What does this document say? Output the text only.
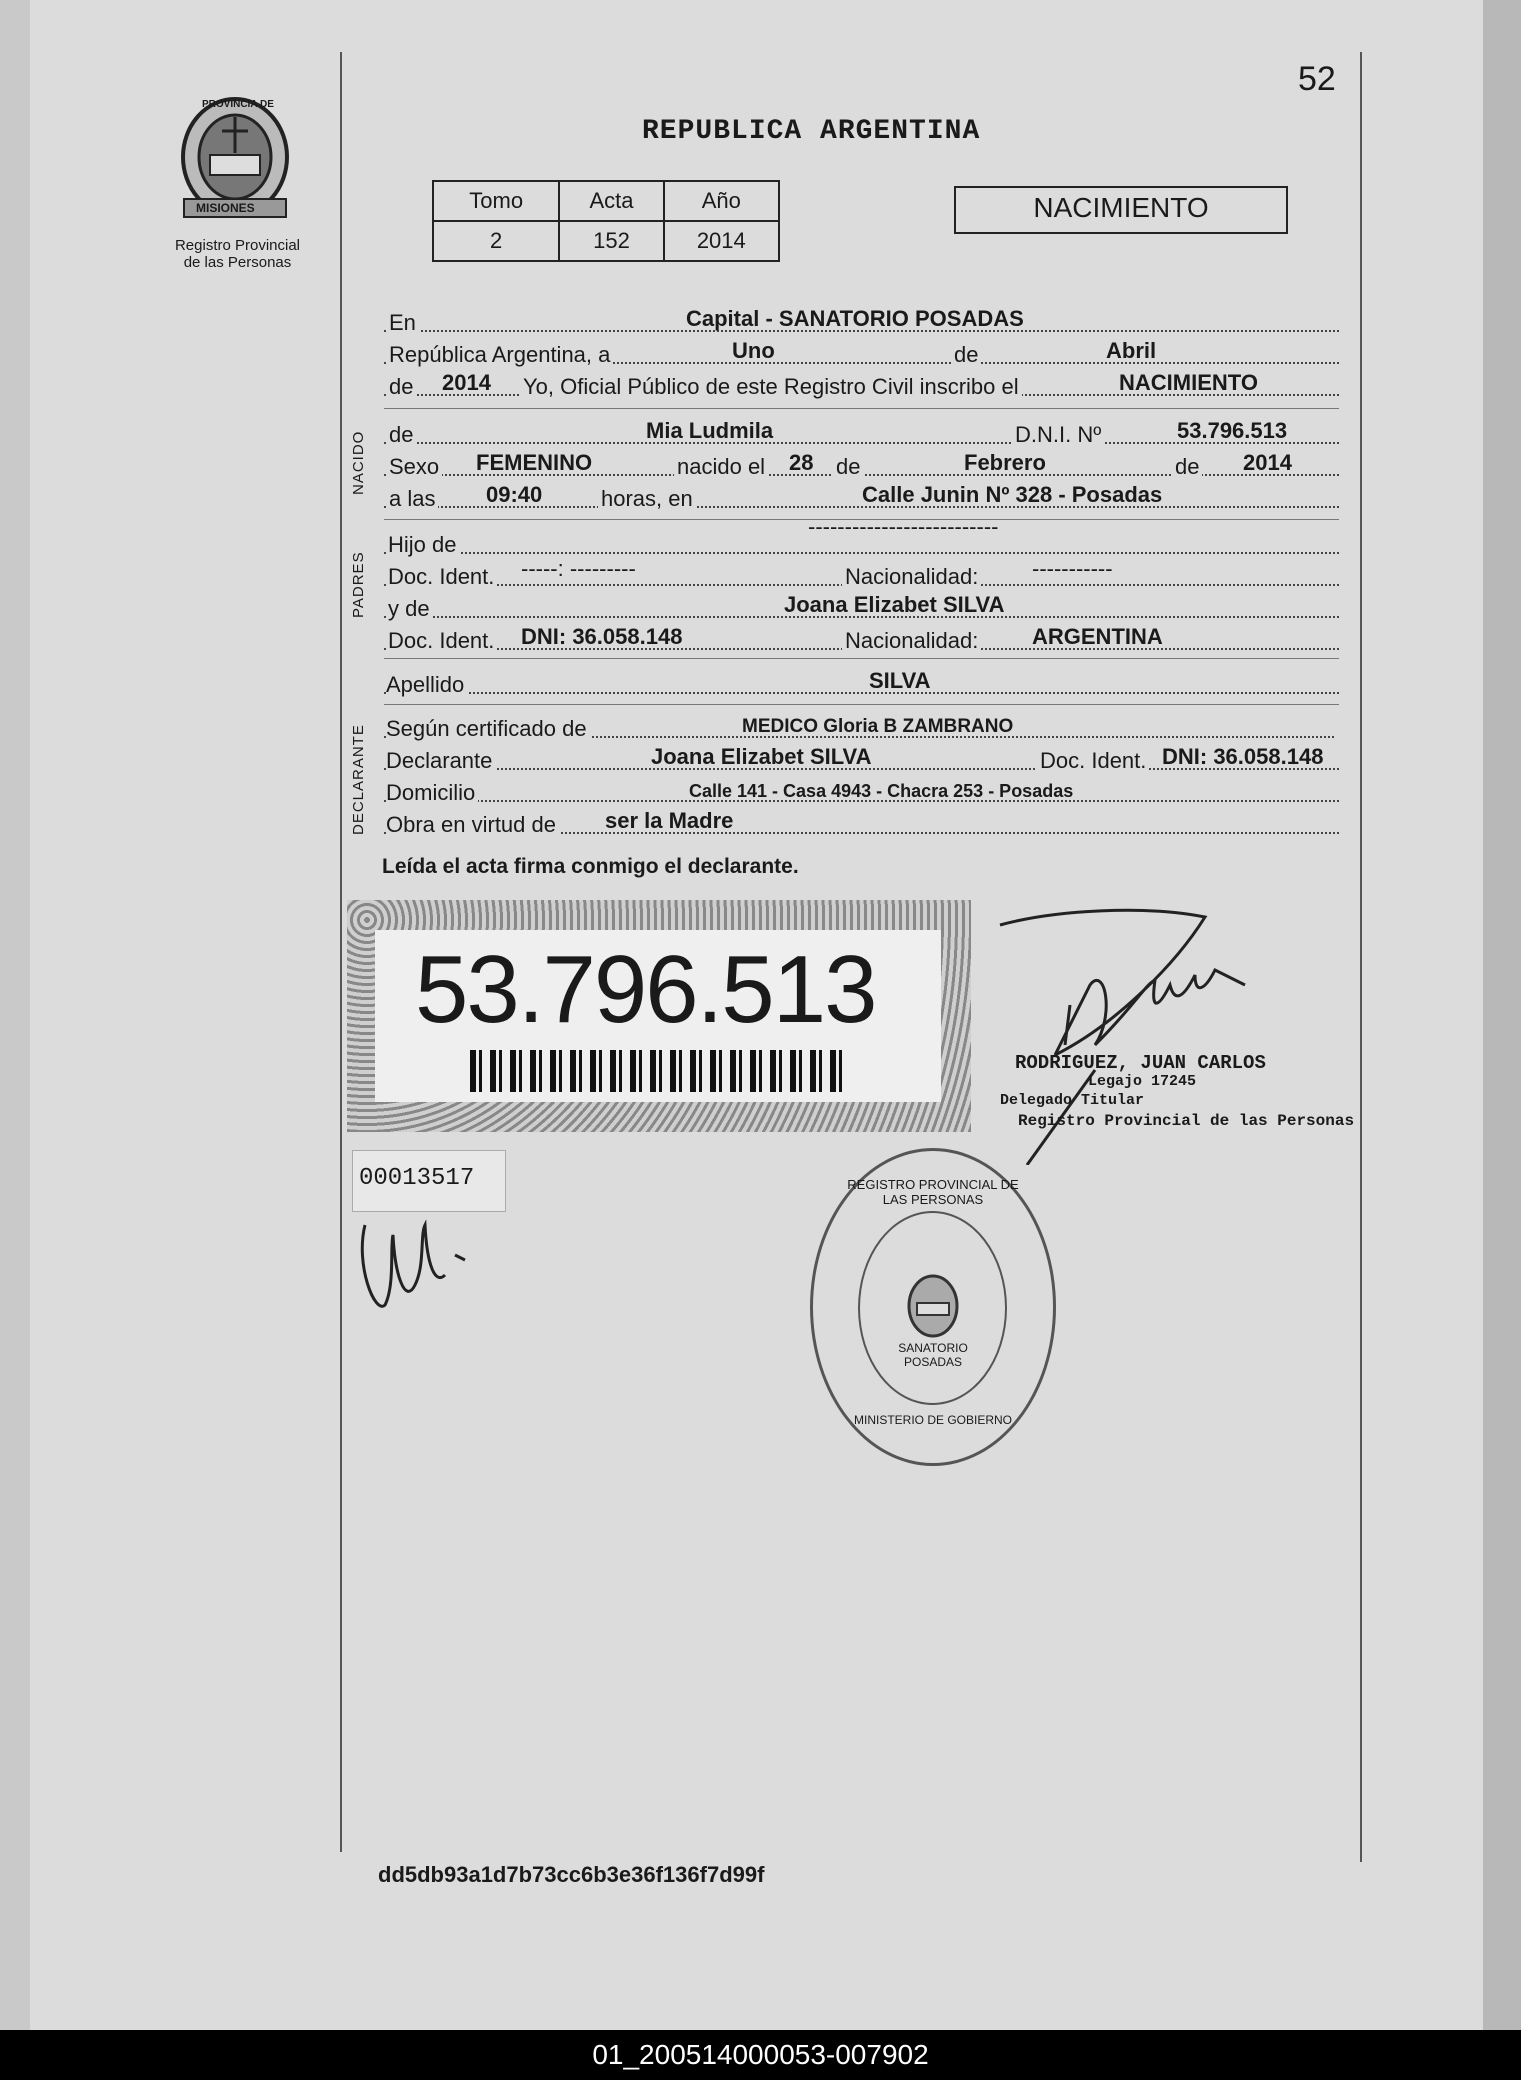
52
PROVINCIA DE
MISIONES
Registro Provincial
de las Personas
REPUBLICA ARGENTINA
Tomo	Acta	Año
2	152	2014
NACIMIENTO
En	Capital - SANATORIO POSADAS
República Argentina, a	Uno	de	Abril
de 2014 Yo, Oficial Público de este Registro Civil inscribo el	NACIMIENTO
NACIDO de	Mia Ludmila	D.N.I. Nº	53.796.513
Sexo FEMENINO	nacido el 28 de	Febrero	de 2014
a las 09:40	horas, en	Calle Junin Nº 328 - Posadas
PADRES
Hijo de
--------------------------
Doc. Ident. -----: ---------	Nacionalidad: -----------
y de	Joana Elizabet SILVA
Doc. Ident. DNI: 36.058.148	Nacionalidad: ARGENTINA
Apellido	SILVA
DECLARANTE Según certificado de	MEDICO Gloria B ZAMBRANO
Declarante	Joana Elizabet SILVA	Doc. Ident. DNI: 36.058.148
Domicilio	Calle 141 - Casa 4943 - Chacra 253 - Posadas
Obra en virtud de ser la Madre
Leída el acta firma conmigo el declarante.
53.796.513
RODRIGUEZ, JUAN CARLOS
Legajo 17245
Delegado Titular
Registro Provincial de las Personas
00013517	REGISTRO PROVINCIAL DE LAS PERSONAS
SANATORIO POSADAS
MINISTERIO DE GOBIERNO
dd5db93a1d7b73cc6b3e36f136f7d99f
01_200514000053-007902
